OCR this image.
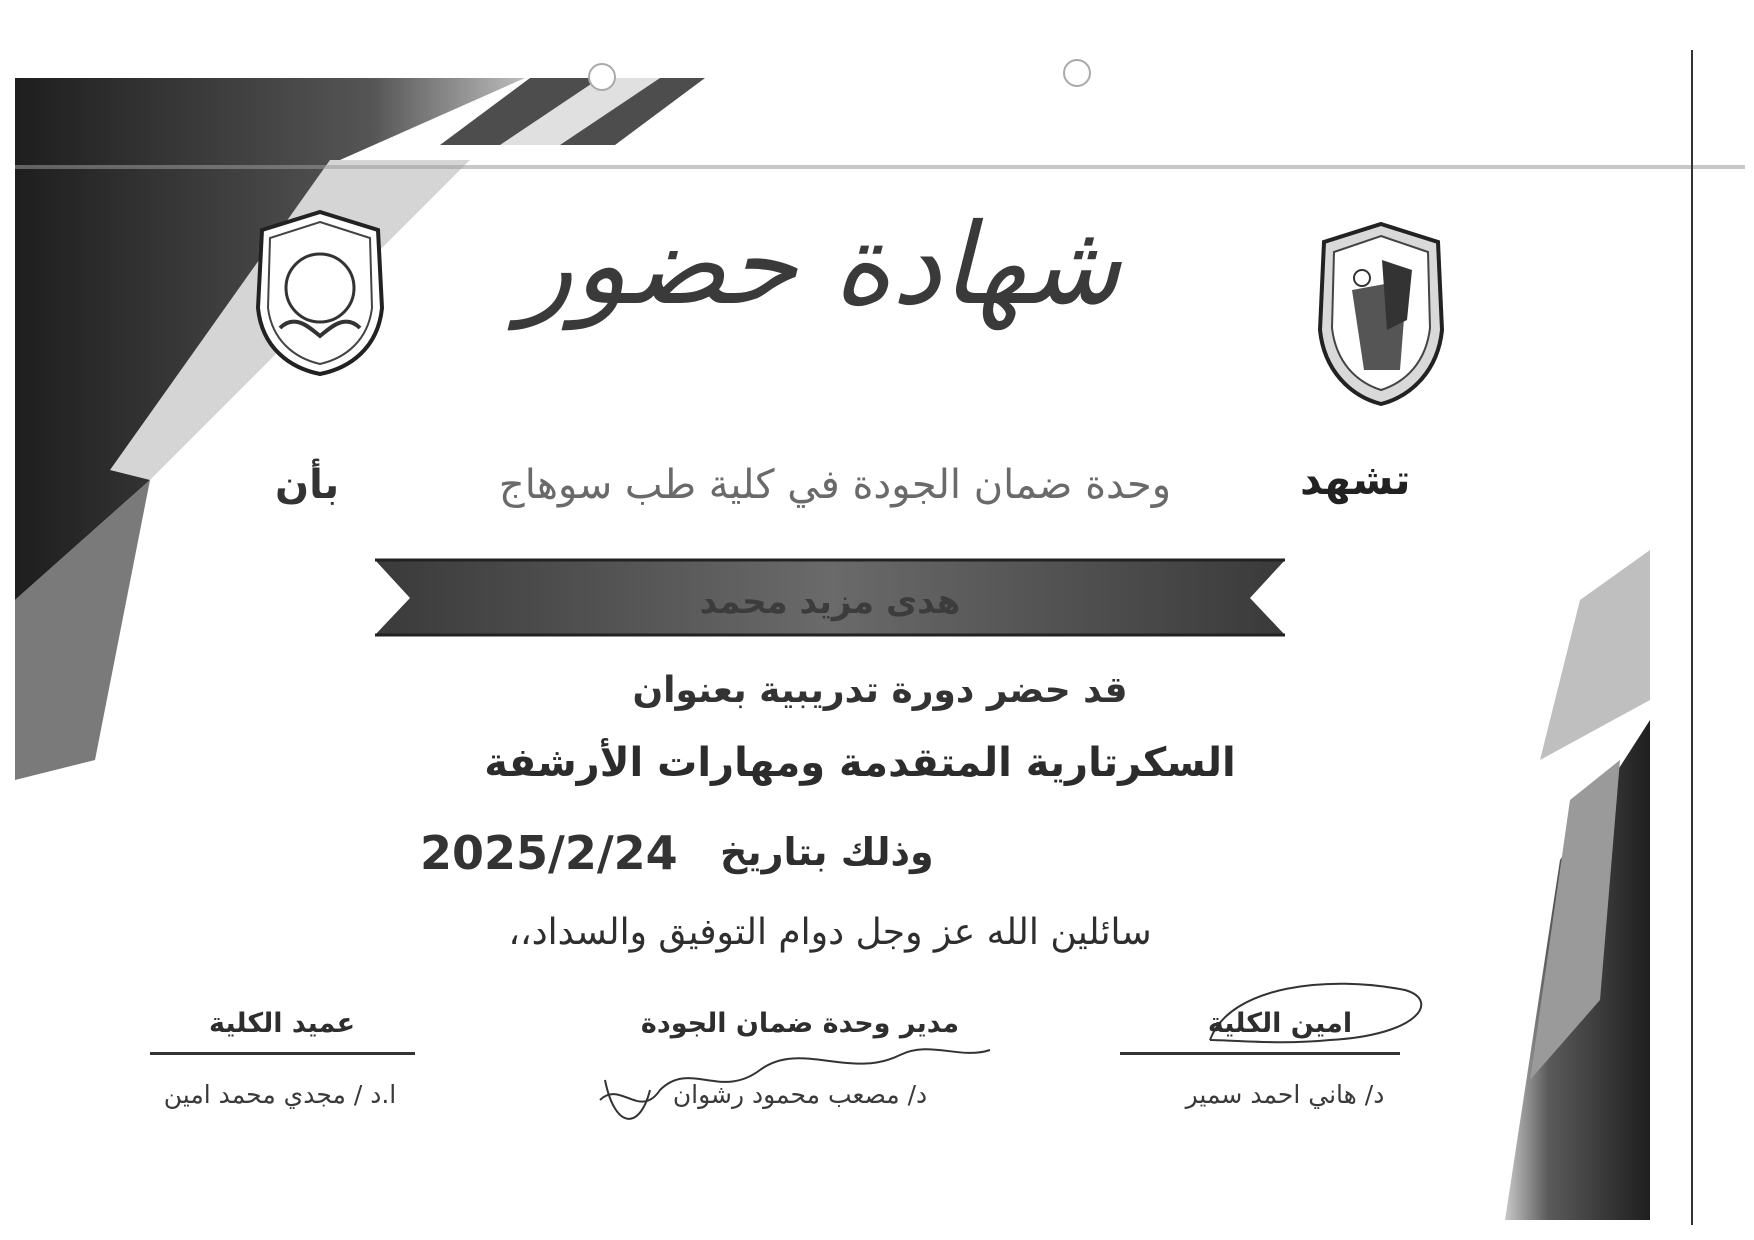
شهادة حضور
تشهد
وحدة ضمان الجودة في كلية طب سوهاج
بأن
هدى مزيد محمد
قد حضر دورة تدريبية بعنوان
السكرتارية المتقدمة ومهارات الأرشفة
وذلك بتاريخ
2025/2/24
سائلين الله عز وجل دوام التوفيق والسداد،،
امين الكلية
د/ هاني احمد سمير
مدير وحدة ضمان الجودة
د/ مصعب محمود رشوان
عميد الكلية
ا.د / مجدي محمد امين
